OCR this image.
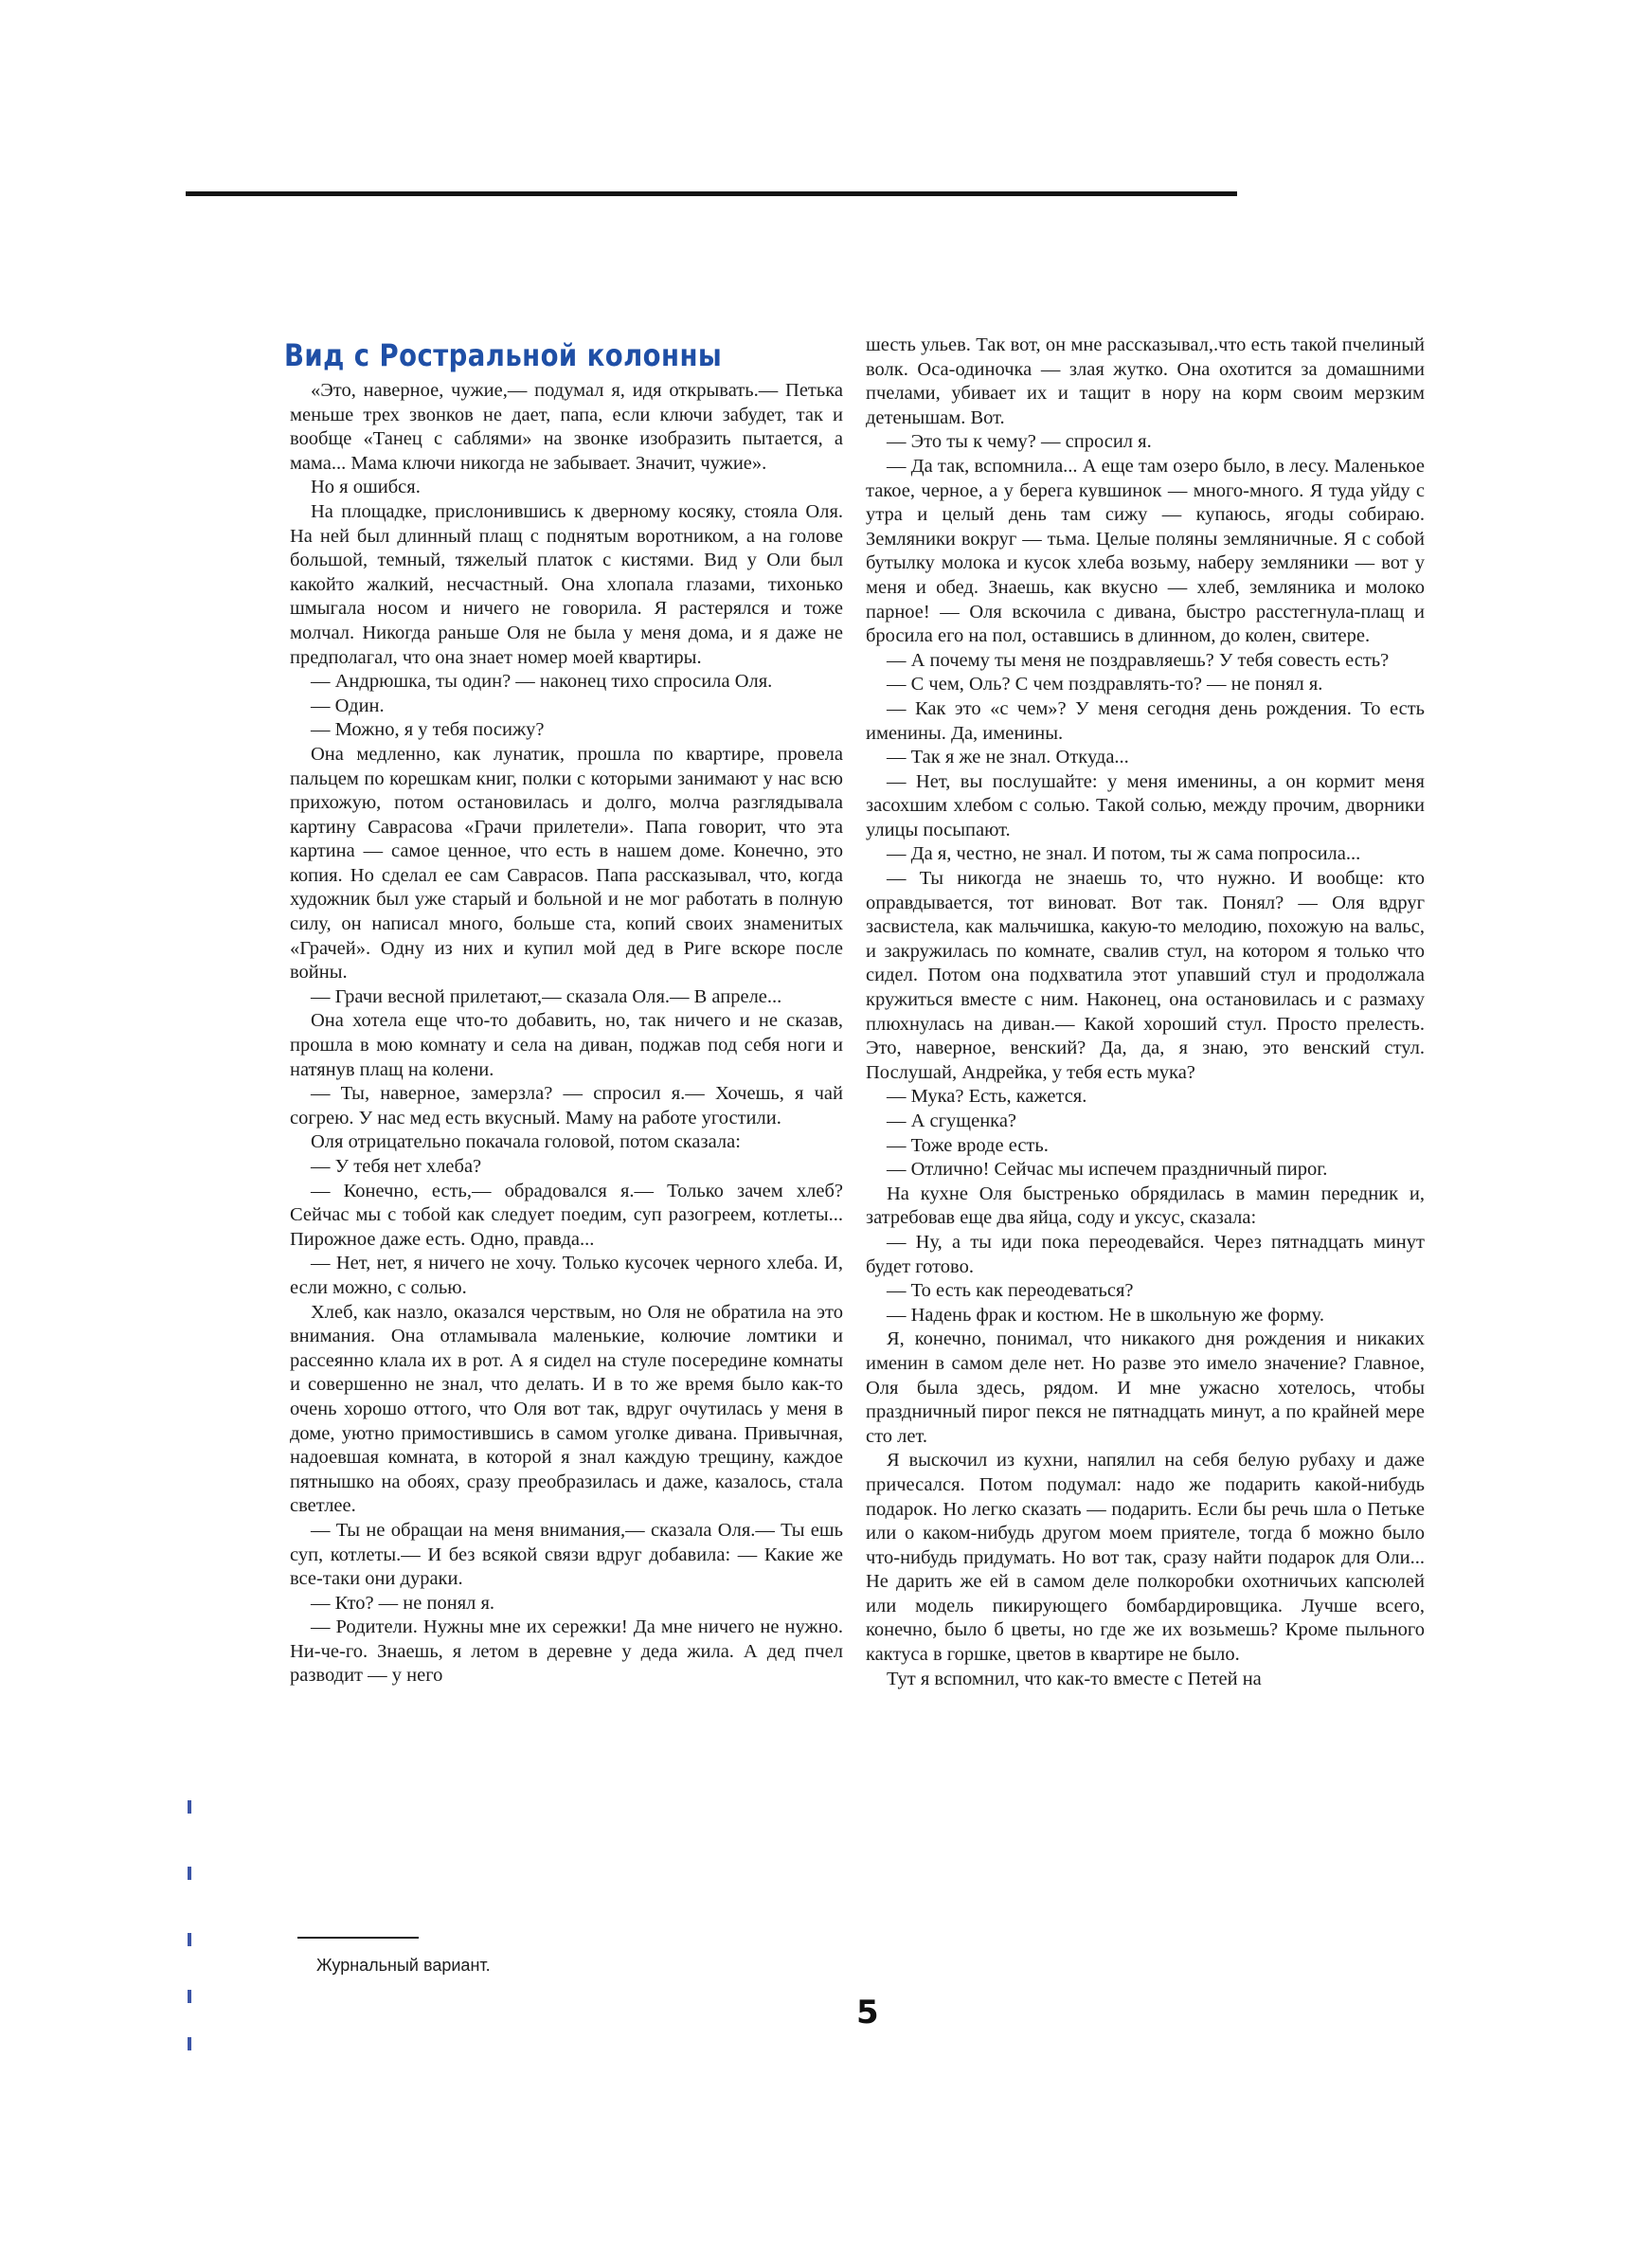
Вид с Ростральной колонны

«Это, наверное, чужие,— подумал я, идя открывать.— Петька меньше трех звонков не дает, папа, если ключи забудет, так и вообще «Танец с саблями» на звонке изобразить пытается, а мама... Мама ключи никогда не забывает. Значит, чужие».

Но я ошибся.

На площадке, прислонившись к дверному косяку, стояла Оля. На ней был длинный плащ с поднятым воротником, а на голове большой, темный, тяжелый платок с кистями. Вид у Оли был какойто жалкий, несчастный. Она хлопала глазами, тихонько шмыгала носом и ничего не говорила. Я растерялся и тоже молчал. Никогда раньше Оля не была у меня дома, и я даже не предполагал, что она знает номер моей квартиры.

— Андрюшка, ты один? — наконец тихо спросила Оля.

— Один.

— Можно, я у тебя посижу?

Она медленно, как лунатик, прошла по квартире, провела пальцем по корешкам книг, полки с которыми занимают у нас всю прихожую, потом остановилась и долго, молча разглядывала картину Саврасова «Грачи прилетели». Папа говорит, что эта картина — самое ценное, что есть в нашем доме. Конечно, это копия. Но сделал ее сам Саврасов. Папа рассказывал, что, когда художник был уже старый и больной и не мог работать в полную силу, он написал много, больше ста, копий своих знаменитых «Грачей». Одну из них и купил мой дед в Риге вскоре после войны.

— Грачи весной прилетают,— сказала Оля.— В апреле...

Она хотела еще что-то добавить, но, так ничего и не сказав, прошла в мою комнату и села на диван, поджав под себя ноги и натянув плащ на колени.

— Ты, наверное, замерзла? — спросил я.— Хочешь, я чай согрею. У нас мед есть вкусный. Маму на работе угостили.

Оля отрицательно покачала головой, потом сказала:

— У тебя нет хлеба?

— Конечно, есть,— обрадовался я.— Только зачем хлеб? Сейчас мы с тобой как следует поедим, суп разогреем, котлеты... Пирожное даже есть. Одно, правда...

— Нет, нет, я ничего не хочу. Только кусочек черного хлеба. И, если можно, с солью.

Хлеб, как назло, оказался черствым, но Оля не обратила на это внимания. Она отламывала маленькие, колючие ломтики и рассеянно клала их в рот. А я сидел на стуле посередине комнаты и совершенно не знал, что делать. И в то же время было как-то очень хорошо оттого, что Оля вот так, вдруг очутилась у меня в доме, уютно примостившись в самом уголке дивана. Привычная, надоевшая комната, в которой я знал каждую трещину, каждое пятнышко на обоях, сразу преобразилась и даже, казалось, стала светлее.

— Ты не обращаи на меня внимания,— сказала Оля.— Ты ешь суп, котлеты.— И без всякой связи вдруг добавила: — Какие же все-таки они дураки.

— Кто? — не понял я.

— Родители. Нужны мне их сережки! Да мне ничего не нужно. Ни-че-го. Знаешь, я летом в деревне у деда жила. А дед пчел разводит — у него

шесть ульев. Так вот, он мне рассказывал,.что есть такой пчелиный волк. Оса-одиночка — злая жутко. Она охотится за домашними пчелами, убивает их и тащит в нору на корм своим мерзким детенышам. Вот.

— Это ты к чему? — спросил я.

— Да так, вспомнила... А еще там озеро было, в лесу. Маленькое такое, черное, а у берега кувшинок — много-много. Я туда уйду с утра и целый день там сижу — купаюсь, ягоды собираю. Земляники вокруг — тьма. Целые поляны земляничные. Я с собой бутылку молока и кусок хлеба возьму, наберу земляники — вот у меня и обед. Знаешь, как вкусно — хлеб, земляника и молоко парное! — Оля вскочила с дивана, быстро расстегнула-плащ и бросила его на пол, оставшись в длинном, до колен, свитере.

— А почему ты меня не поздравляешь? У тебя совесть есть?

— С чем, Оль? С чем поздравлять-то? — не понял я.

— Как это «с чем»? У меня сегодня день рождения. То есть именины. Да, именины.

— Так я же не знал. Откуда...

— Нет, вы послушайте: у меня именины, а он кормит меня засохшим хлебом с солью. Такой солью, между прочим, дворники улицы посыпают.

— Да я, честно, не знал. И потом, ты ж сама попросила...

— Ты никогда не знаешь то, что нужно. И вообще: кто оправдывается, тот виноват. Вот так. Понял? — Оля вдруг засвистела, как мальчишка, какую-то мелодию, похожую на вальс, и закружилась по комнате, свалив стул, на котором я только что сидел. Потом она подхватила этот упавший стул и продолжала кружиться вместе с ним. Наконец, она остановилась и с размаху плюхнулась на диван.— Какой хороший стул. Просто прелесть. Это, наверное, венский? Да, да, я знаю, это венский стул. Послушай, Андрейка, у тебя есть мука?

— Мука? Есть, кажется.

— А сгущенка?

— Тоже вроде есть.

— Отлично! Сейчас мы испечем праздничный пирог.

На кухне Оля быстренько обрядилась в мамин передник и, затребовав еще два яйца, соду и уксус, сказала:

— Ну, а ты иди пока переодевайся. Через пятнадцать минут будет готово.

— То есть как переодеваться?

— Надень фрак и костюм. Не в школьную же форму.

Я, конечно, понимал, что никакого дня рождения и никаких именин в самом деле нет. Но разве это имело значение? Главное, Оля была здесь, рядом. И мне ужасно хотелось, чтобы праздничный пирог пекся не пятнадцать минут, а по крайней мере сто лет.

Я выскочил из кухни, напялил на себя белую рубаху и даже причесался. Потом подумал: надо же подарить какой-нибудь подарок. Но легко сказать — подарить. Если бы речь шла о Петьке или о каком-нибудь другом моем приятеле, тогда б можно было что-нибудь придумать. Но вот так, сразу найти подарок для Оли... Не дарить же ей в самом деле полкоробки охотничьих капсюлей или модель пикирующего бомбардировщика. Лучше всего, конечно, было б цветы, но где же их возьмешь? Кроме пыльного кактуса в горшке, цветов в квартире не было.

Тут я вспомнил, что как-то вместе с Петей на

Журнальный вариант.
5
